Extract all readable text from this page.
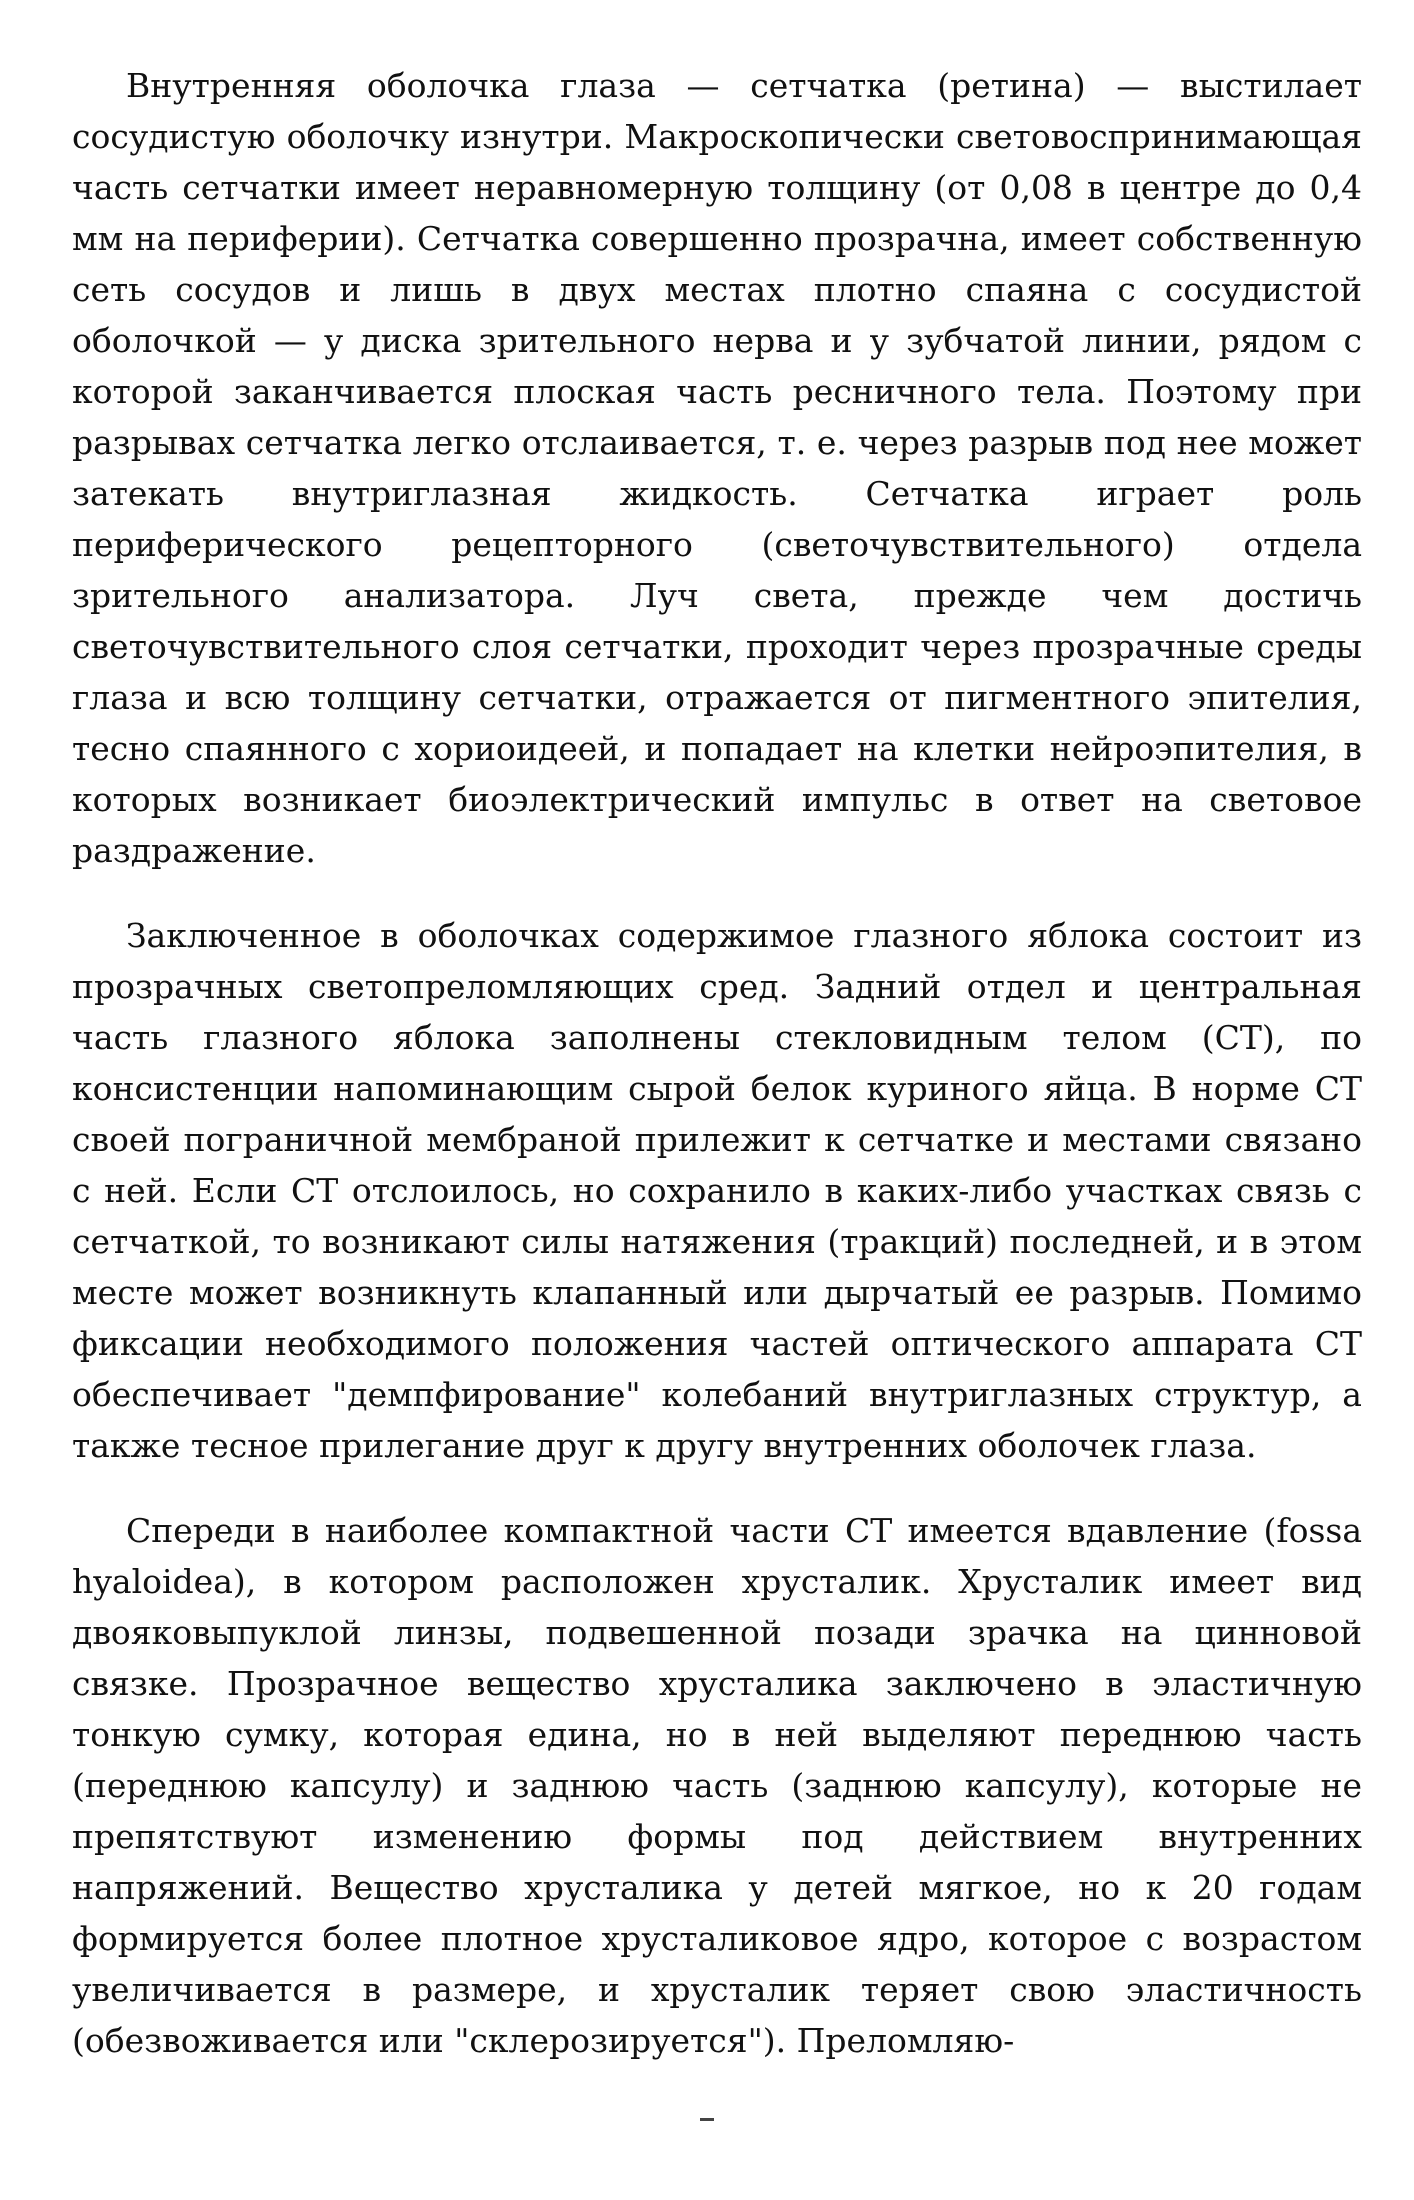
Внутренняя оболочка глаза — сетчатка (ретина) — выстилает сосудистую оболочку изнутри. Макроскопически световоспринимающая часть сетчатки имеет неравномерную толщину (от 0,08 в центре до 0,4 мм на периферии). Сетчатка совершенно прозрачна, имеет собственную сеть сосудов и лишь в двух местах плотно спаяна с сосудистой оболочкой — у диска зрительного нерва и у зубчатой линии, рядом с которой заканчивается плоская часть ресничного тела. Поэтому при разрывах сетчатка легко отслаивается, т. е. через разрыв под нее может затекать внутриглазная жидкость. Сетчатка играет роль периферического рецепторного (светочувствительного) отдела зрительного анализатора. Луч света, прежде чем достичь светочувствительного слоя сетчатки, проходит через прозрачные среды глаза и всю толщину сетчатки, отражается от пигментного эпителия, тесно спаянного с хориоидеей, и попадает на клетки нейроэпителия, в которых возникает биоэлектрический импульс в ответ на световое раздражение.

Заключенное в оболочках содержимое глазного яблока состоит из прозрачных светопреломляющих сред. Задний отдел и центральная часть глазного яблока заполнены стекловидным телом (СТ), по консистенции напоминающим сырой белок куриного яйца. В норме СТ своей пограничной мембраной прилежит к сетчатке и местами связано с ней. Если СТ отслоилось, но сохранило в каких-либо участках связь с сетчаткой, то возникают силы натяжения (тракций) последней, и в этом месте может возникнуть клапанный или дырчатый ее разрыв. Помимо фиксации необходимого положения частей оптического аппарата СТ обеспечивает "демпфирование" колебаний внутриглазных структур, а также тесное прилегание друг к другу внутренних оболочек глаза.

Спереди в наиболее компактной части СТ имеется вдавление (fossa hyaloidea), в котором расположен хрусталик. Хрусталик имеет вид двояковыпуклой линзы, подвешенной позади зрачка на цинновой связке. Прозрачное вещество хрусталика заключено в эластичную тонкую сумку, которая едина, но в ней выделяют переднюю часть (переднюю капсулу) и заднюю часть (заднюю капсулу), которые не препятствуют изменению формы под действием внутренних напряжений. Вещество хрусталика у детей мягкое, но к 20 годам формируется более плотное хрусталиковое ядро, которое с возрастом увеличивается в размере, и хрусталик теряет свою эластичность (обезвоживается или "склерозируется"). Преломляю-
